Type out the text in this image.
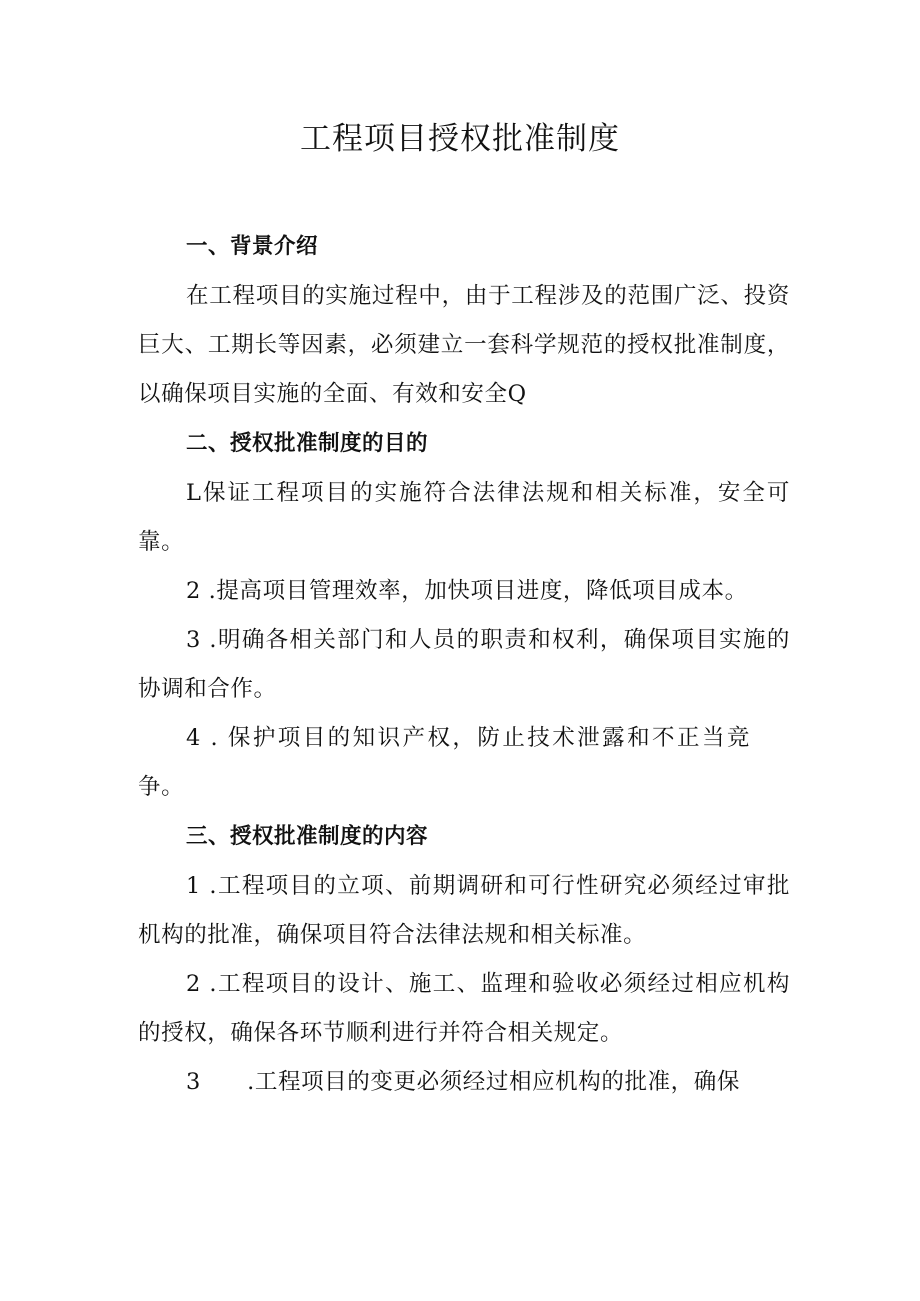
工程项目授权批准制度

一、背景介绍

在工程项目的实施过程中，由于工程涉及的范围广泛、投资巨大、工期长等因素，必须建立一套科学规范的授权批准制度，以确保项目实施的全面、有效和安全Q

二、授权批准制度的目的

L保证工程项目的实施符合法律法规和相关标准，安全可靠。

2 .提高项目管理效率，加快项目进度，降低项目成本。

3 .明确各相关部门和人员的职责和权利，确保项目实施的协调和合作。

4 . 保护项目的知识产权，防止技术泄露和不正当竞争。

三、授权批准制度的内容

1 .工程项目的立项、前期调研和可行性研究必须经过审批机构的批准，确保项目符合法律法规和相关标准。

2 .工程项目的设计、施工、监理和验收必须经过相应机构的授权，确保各环节顺利进行并符合相关规定。

3　　.工程项目的变更必须经过相应机构的批准，确保
